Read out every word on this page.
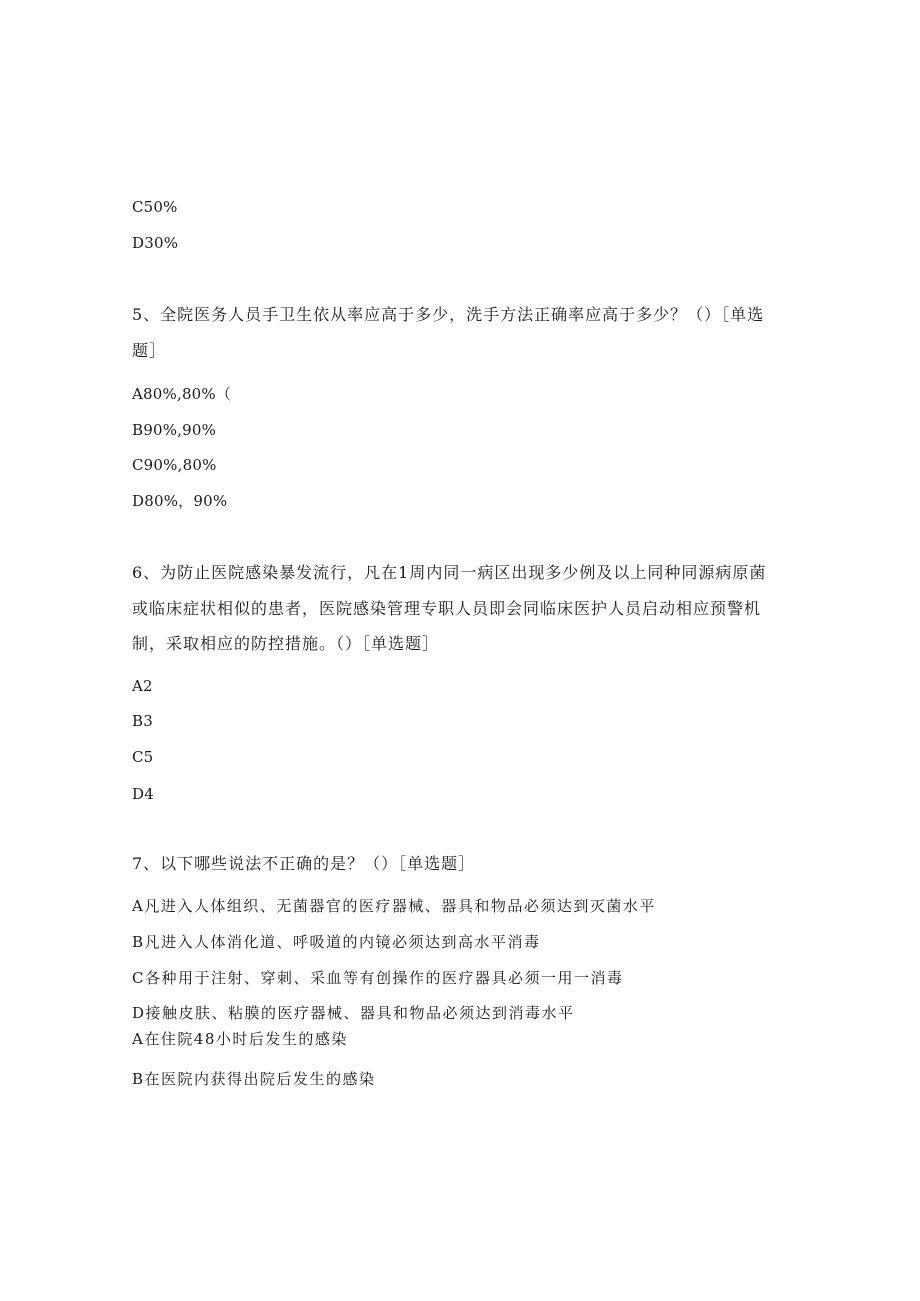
C50%
D30%
5、全院医务人员手卫生依从率应高于多少，洗手方法正确率应高于多少？（）［单选
题］
A80%,80%（
B90%,90%
C90%,80%
D80%，90%
6、为防止医院感染暴发流行，凡在1周内同一病区出现多少例及以上同种同源病原菌
或临床症状相似的患者，医院感染管理专职人员即会同临床医护人员启动相应预警机
制，采取相应的防控措施。（）［单选题］
A2
B3
C5
D4
7、以下哪些说法不正确的是？（）［单选题］
A凡进入人体组织、无菌器官的医疗器械、器具和物品必须达到灭菌水平
B凡进入人体消化道、呼吸道的内镜必须达到高水平消毒
C各种用于注射、穿刺、采血等有创操作的医疗器具必须一用一消毒
D接触皮肤、粘膜的医疗器械、器具和物品必须达到消毒水平
A在住院48小时后发生的感染
B在医院内获得出院后发生的感染
